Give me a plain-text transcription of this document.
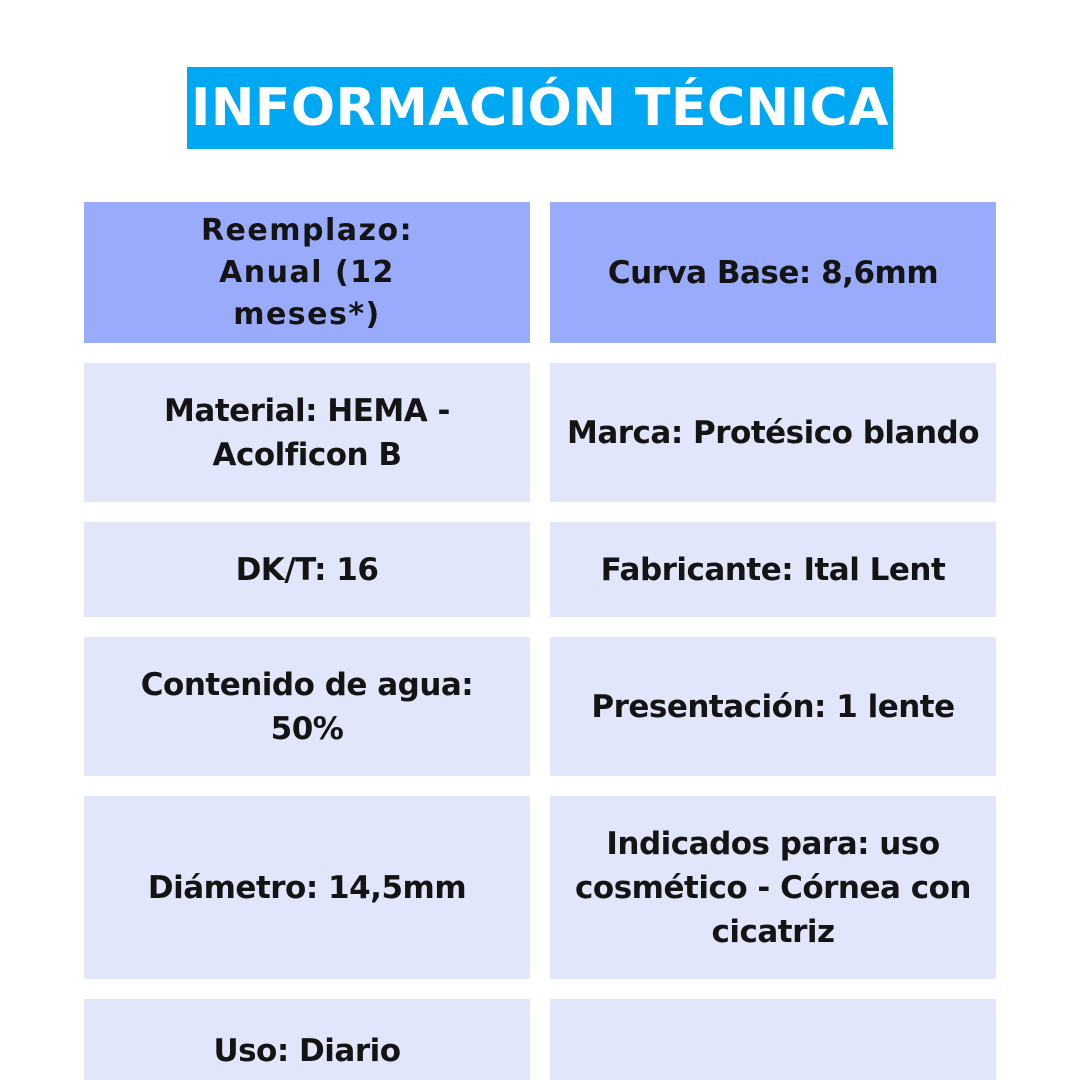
INFORMACIÓN TÉCNICA
Reemplazo: Anual (12 meses*)
Curva Base: 8,6mm
Material: HEMA - Acolficon B
Marca: Protésico blando
DK/T: 16	Fabricante: Ital Lent
Contenido de agua: 50%
Presentación: 1 lente
Diámetro: 14,5mm
Indicados para: uso cosmético - Córnea con cicatriz
Uso: Diario
